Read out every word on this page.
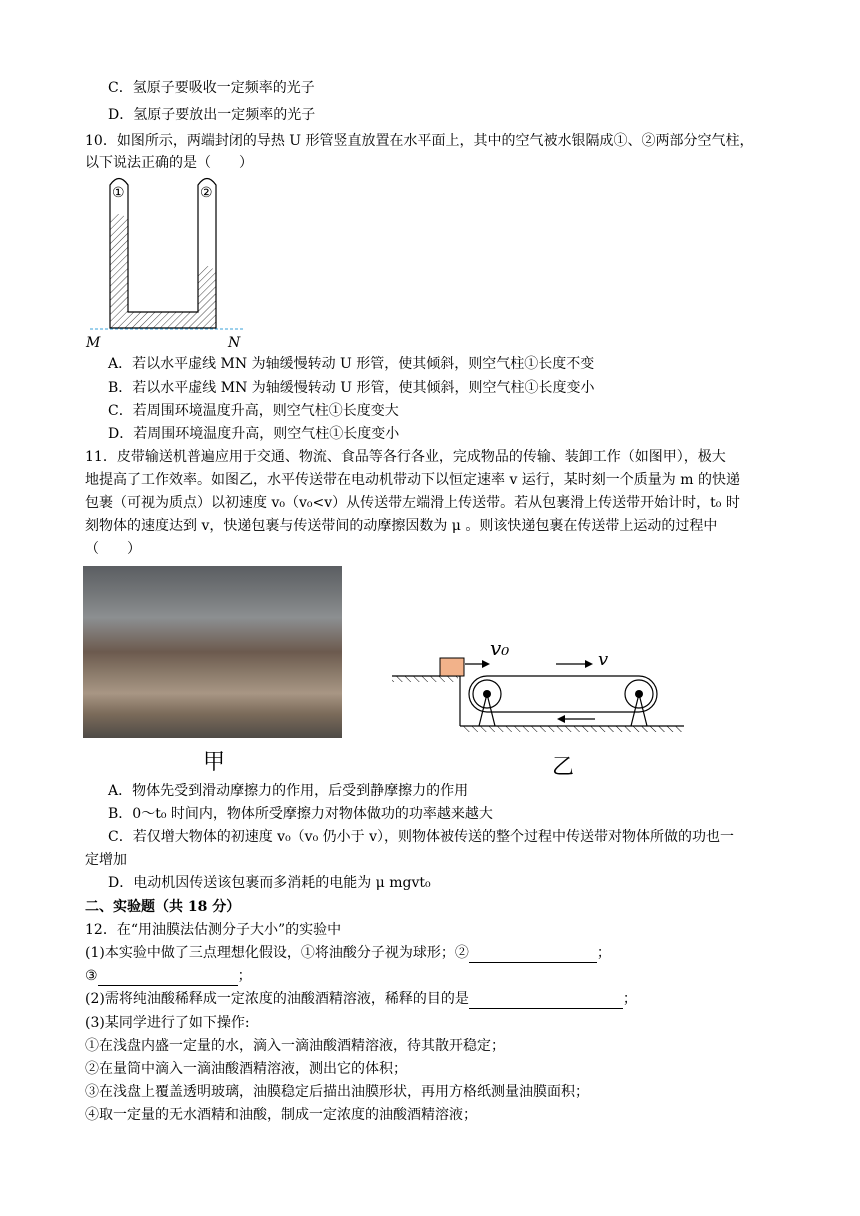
C．氢原子要吸收一定频率的光子
D．氢原子要放出一定频率的光子
10．如图所示，两端封闭的导热 U 形管竖直放置在水平面上，其中的空气被水银隔成①、②两部分空气柱，
以下说法正确的是（　　）
①	②
M	N
A．若以水平虚线 MN 为轴缓慢转动 U 形管，使其倾斜，则空气柱①长度不变
B．若以水平虚线 MN 为轴缓慢转动 U 形管，使其倾斜，则空气柱①长度变小
C．若周围环境温度升高，则空气柱①长度变大
D．若周围环境温度升高，则空气柱①长度变小
11．皮带输送机普遍应用于交通、物流、食品等各行各业，完成物品的传输、装卸工作（如图甲），极大
地提高了工作效率。如图乙，水平传送带在电动机带动下以恒定速率 v 运行，某时刻一个质量为 m 的快递
包裹（可视为质点）以初速度 v₀（v₀<v）从传送带左端滑上传送带。若从包裹滑上传送带开始计时，t₀ 时
刻物体的速度达到 v，快递包裹与传送带间的动摩擦因数为 μ 。则该快递包裹在传送带上运动的过程中
（　　）
甲
v₀	v
乙
A．物体先受到滑动摩擦力的作用，后受到静摩擦力的作用
B．0～t₀ 时间内，物体所受摩擦力对物体做功的功率越来越大
C．若仅增大物体的初速度 v₀（v₀ 仍小于 v），则物体被传送的整个过程中传送带对物体所做的功也一
定增加
D．电动机因传送该包裹而多消耗的电能为 μ mgvt₀
二、实验题（共 18 分）
12．在“用油膜法估测分子大小”的实验中
(1)本实验中做了三点理想化假设，①将油酸分子视为球形；②	；
③	；
(2)需将纯油酸稀释成一定浓度的油酸酒精溶液，稀释的目的是	；
(3)某同学进行了如下操作:
①在浅盘内盛一定量的水，滴入一滴油酸酒精溶液，待其散开稳定；
②在量筒中滴入一滴油酸酒精溶液，测出它的体积；
③在浅盘上覆盖透明玻璃，油膜稳定后描出油膜形状，再用方格纸测量油膜面积；
④取一定量的无水酒精和油酸，制成一定浓度的油酸酒精溶液；
